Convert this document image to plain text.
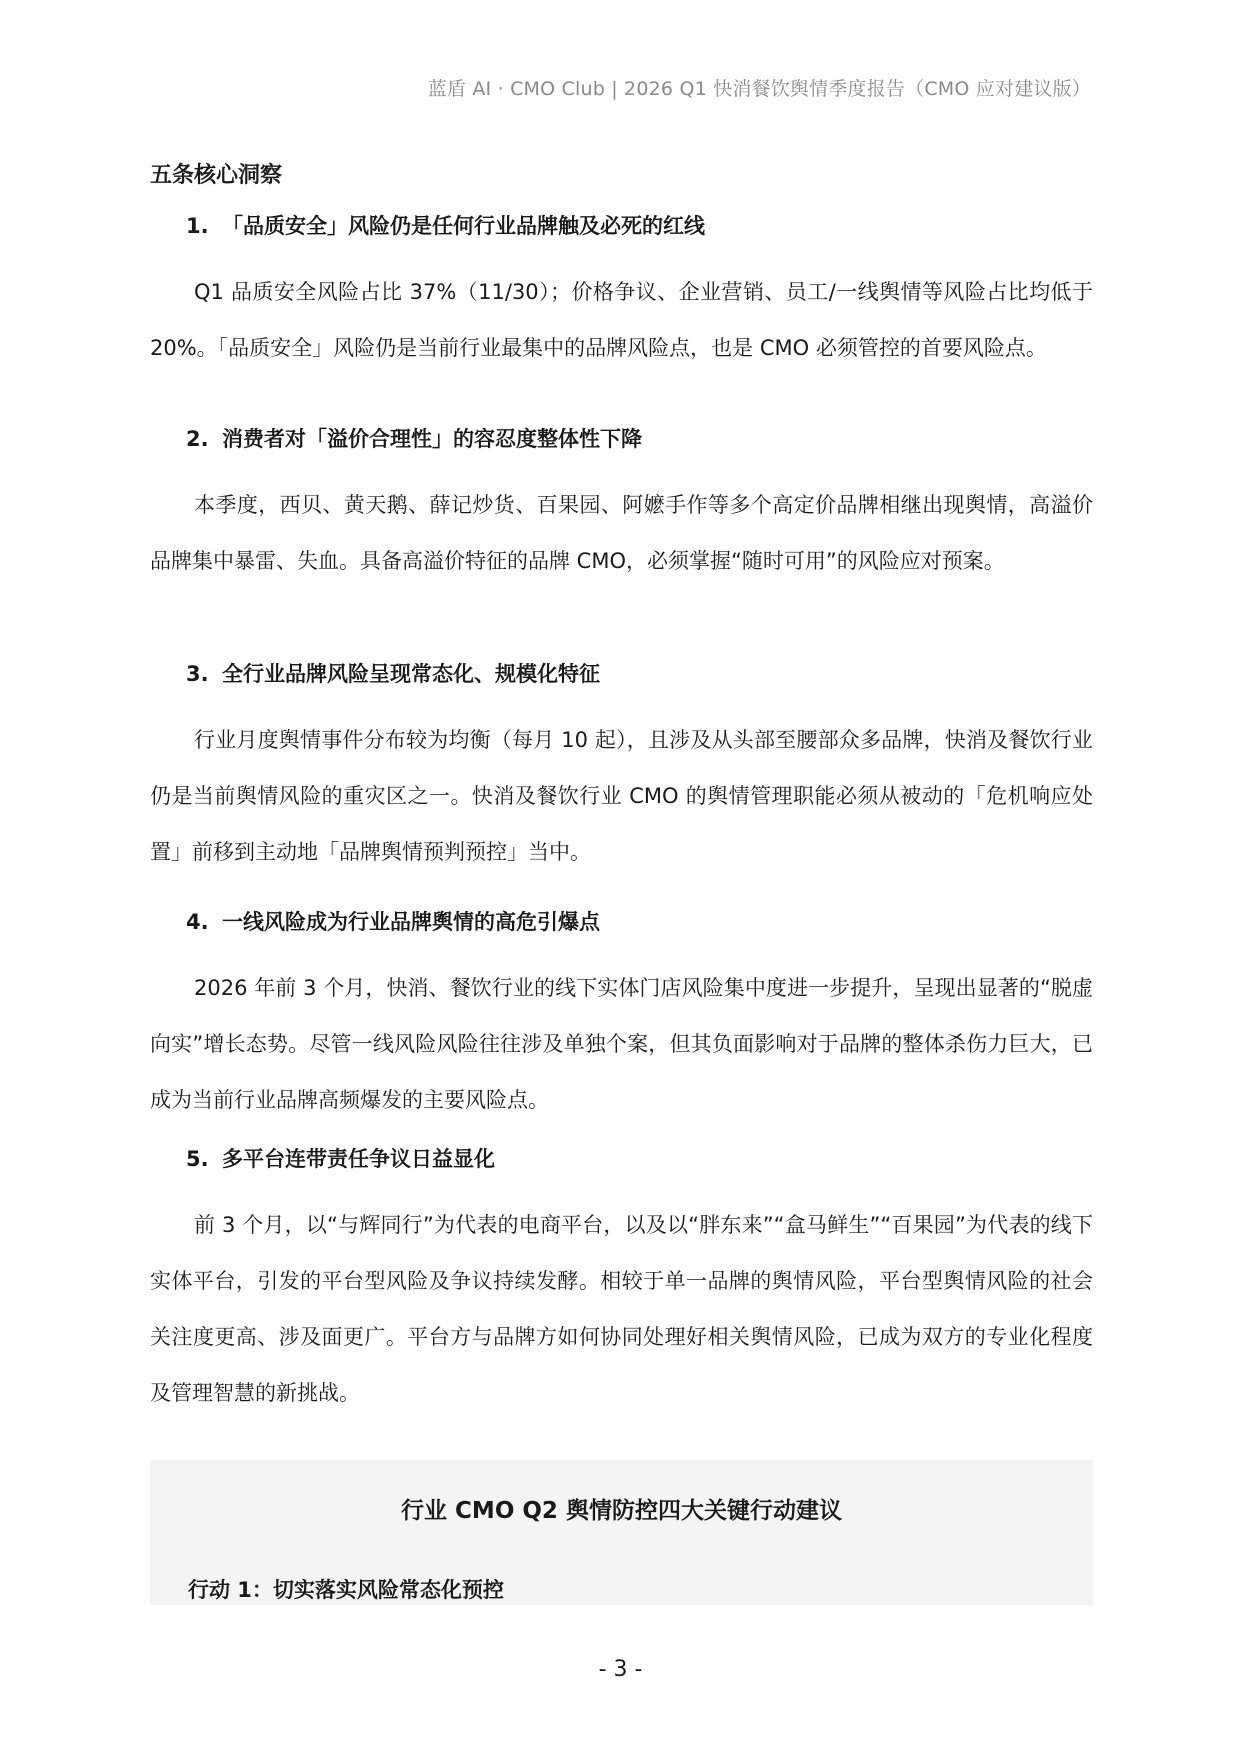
蓝盾 AI · CMO Club | 2026 Q1 快消餐饮舆情季度报告（CMO 应对建议版）
五条核心洞察
1. 「品质安全」风险仍是任何行业品牌触及必死的红线

Q1 品质安全风险占比 37%（11/30）；价格争议、企业营销、员工/一线舆情等风险占比均低于 20%。「品质安全」风险仍是当前行业最集中的品牌风险点，也是 CMO 必须管控的首要风险点。

2. 消费者对「溢价合理性」的容忍度整体性下降

本季度，西贝、黄天鹅、薛记炒货、百果园、阿嬷手作等多个高定价品牌相继出现舆情，高溢价品牌集中暴雷、失血。具备高溢价特征的品牌 CMO，必须掌握“随时可用”的风险应对预案。

3. 全行业品牌风险呈现常态化、规模化特征

行业月度舆情事件分布较为均衡（每月 10 起），且涉及从头部至腰部众多品牌，快消及餐饮行业仍是当前舆情风险的重灾区之一。快消及餐饮行业 CMO 的舆情管理职能必须从被动的「危机响应处置」前移到主动地「品牌舆情预判预控」当中。

4. 一线风险成为行业品牌舆情的高危引爆点

2026 年前 3 个月，快消、餐饮行业的线下实体门店风险集中度进一步提升，呈现出显著的“脱虚向实”增长态势。尽管一线风险风险往往涉及单独个案，但其负面影响对于品牌的整体杀伤力巨大，已成为当前行业品牌高频爆发的主要风险点。

5. 多平台连带责任争议日益显化

前 3 个月，以“与辉同行”为代表的电商平台，以及以“胖东来”“盒马鲜生”“百果园”为代表的线下实体平台，引发的平台型风险及争议持续发酵。相较于单一品牌的舆情风险，平台型舆情风险的社会关注度更高、涉及面更广。平台方与品牌方如何协同处理好相关舆情风险，已成为双方的专业化程度及管理智慧的新挑战。

行业 CMO Q2 舆情防控四大关键行动建议
行动 1：切实落实风险常态化预控
- 3 -
